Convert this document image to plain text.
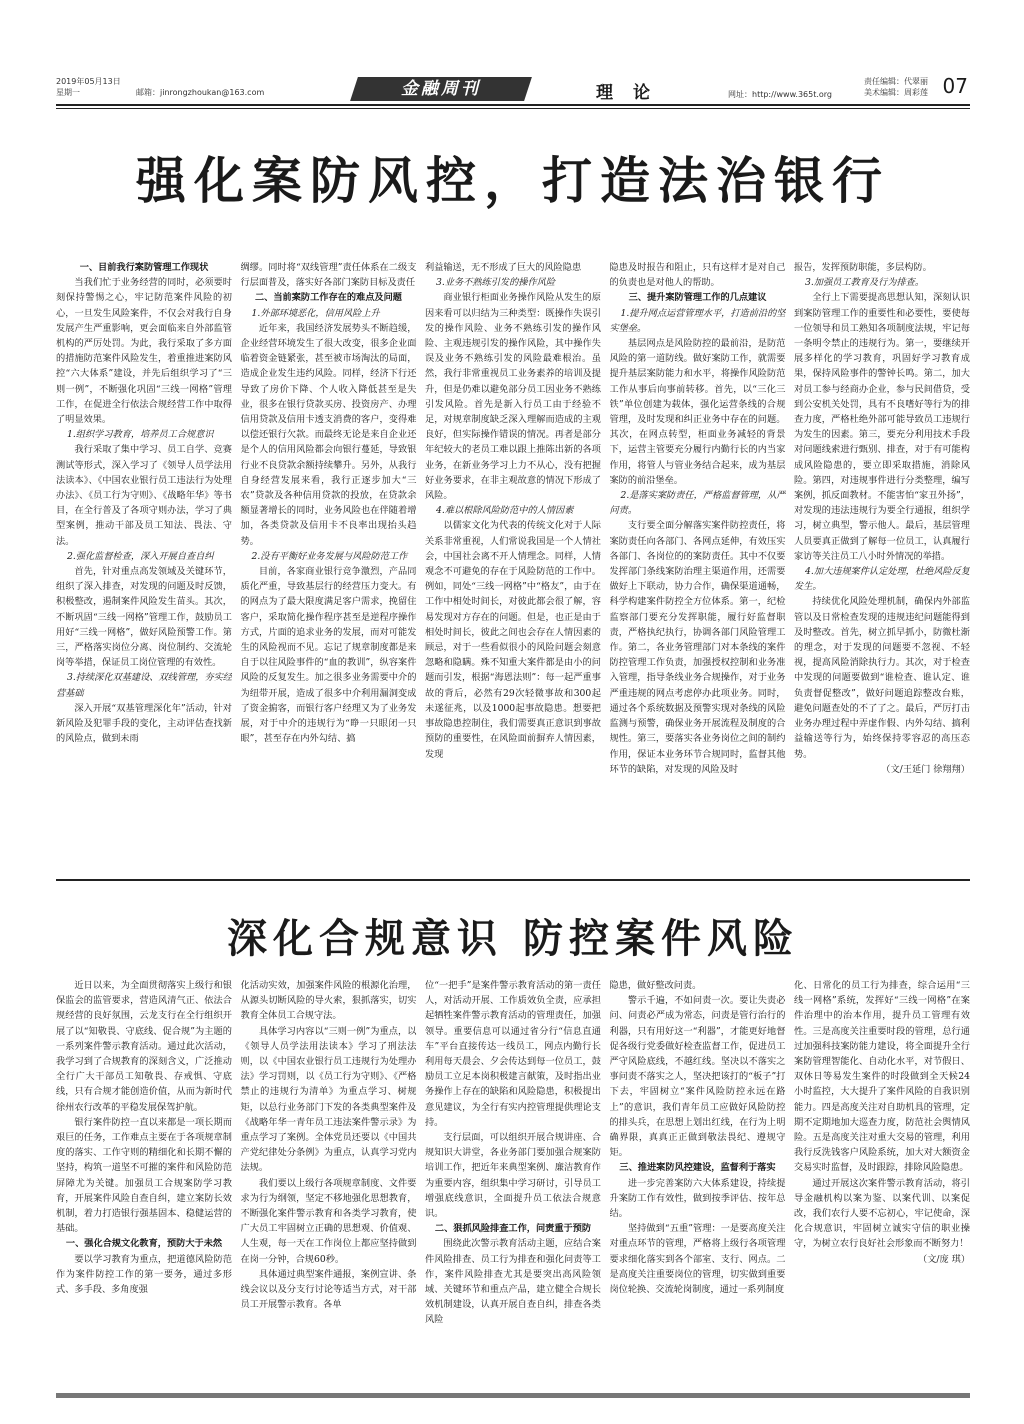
2019年05月13日
星期一	邮箱：jinrongzhoukan@163.com	金融周刊	理论	网址：http://www.365t.org
责任编辑：代翠丽
美术编辑：周彩莲 07
强化案防风控，打造法治银行

一、目前我行案防管理工作现状

当我们忙于业务经营的同时，必须要时刻保持警惕之心，牢记防范案件风险的初心，一旦发生风险案件，不仅会对我行自身发展产生严重影响，更会面临来自外部监管机构的严厉处罚。为此，我行采取了多方面的措施防范案件风险发生，着重推进案防风控“六大体系”建设，并先后组织学习了“三则一例”，不断强化巩固“三线一网格”管理工作，在促进全行依法合规经营工作中取得了明显效果。

1.组织学习教育，培养员工合规意识

我行采取了集中学习、员工自学、竞赛测试等形式，深入学习了《领导人员学法用法读本》、《中国农业银行员工违法行为处理办法》、《员工行为守则》、《战略年华》等书目，在全行普及了各项守则办法，学习了典型案例，推动干部及员工知法、畏法、守法。

2.强化监督检查，深入开展自查自纠

首先，针对重点高发领域及关键环节，组织了深入排查，对发现的问题及时反馈，积极整改，遏制案件风险发生苗头。其次，不断巩固“三线一网格”管理工作，鼓励员工用好“三线一网格”，做好风险预警工作。第三，严格落实岗位分离、岗位制约、交流轮岗等举措，保证员工岗位管理的有效性。

3.持续深化双基建设、双线管理，夯实经营基础

深入开展“双基管理深化年”活动，针对新风险及犯罪手段的变化，主动评估查找新的风险点，做到未雨

绸缪。同时将“双线管理”责任体系在二级支行层面普及，落实好各部门案防目标及责任

二、当前案防工作存在的难点及问题

1.外部环境恶化，信用风险上升

近年来，我国经济发展势头不断趋缓，企业经营环境发生了很大改变，很多企业面临着资金链紧张，甚至被市场淘汰的局面，造成企业发生违约风险。同样，经济下行还导致了房价下降、个人收入降低甚至是失业，很多在银行贷款买房、投资房产、办理信用贷款及信用卡透支消费的客户，变得难以偿还银行欠款。而最终无论是来自企业还是个人的信用风险都会向银行蔓延，导致银行业不良贷款余额持续攀升。另外，从我行自身经营发展来看，我行正逐步加大“三农”贷款及各种信用贷款的投放，在贷款余额显著增长的同时，业务风险也在伴随着增加，各类贷款及信用卡不良率出现抬头趋势。

2.没有平衡好业务发展与风险防范工作

目前，各家商业银行竞争激烈，产品同质化严重，导致基层行的经营压力变大。有的网点为了最大限度满足客户需求，挽留住客户，采取简化操作程序甚至是逆程序操作方式，片面的追求业务的发展，而对可能发生的风险视而不见。忘记了规章制度都是来自于以往风险事件的“血的教训”，纵容案件风险的反复发生。加之很多业务需要中介的为纽带开展，造成了很多中介利用漏洞变成了资金掮客，而银行客户经理又为了业务发展，对于中介的违规行为“睁一只眼闭一只眼”，甚至存在内外勾结、搞

利益输送，无不形成了巨大的风险隐患

3.业务不熟练引发的操作风险

商业银行柜面业务操作风险从发生的原因来看可以归结为三种类型：既操作失误引发的操作风险、业务不熟练引发的操作风险、主观违规引发的操作风险，其中操作失误及业务不熟练引发的风险最难根治。虽然，我行非常重视员工业务素养的培训及提升，但是仍难以避免部分员工因业务不熟练引发风险。首先是新入行员工由于经验不足，对规章制度缺乏深入理解而造成的主观良好，但实际操作错误的情况。再者是部分年纪较大的老员工难以跟上推陈出新的各项业务，在新业务学习上力不从心，没有把握好业务要求，在非主观故意的情况下形成了风险。

4.难以根除风险防范中的人情因素

以儒家文化为代表的传统文化对于人际关系非常重视，人们常说我国是一个人情社会，中国社会离不开人情理念。同样，人情观念不可避免的存在于风险防范的工作中。例如，同处“三线一网格”中“格友”，由于在工作中相处时间长，对彼此都会很了解，容易发现对方存在的问题。但是，也正是由于相处时间长，彼此之间也会存在人情因素的顾忌，对于一些看似很小的风险问题会刻意忽略和隐瞒。殊不知重大案件都是由小的问题而引发，根据“海恩法则”：每一起严重事故的背后，必然有29次轻微事故和300起未遂征兆，以及1000起事故隐患。想要把事故隐患控制住，我们需要真正意识到事故预防的重要性，在风险面前摒弃人情因素，发现

隐患及时报告和阻止，只有这样才是对自己的负责也是对他人的帮助。

三、提升案防管理工作的几点建议

1.提升网点运营管理水平，打造前沿的坚实堡垒。

基层网点是风险防控的最前沿，是防范风险的第一道防线。做好案防工作，就需要提升基层案防能力和水平，将操作风险防范工作从事后向事前转移。首先，以“三化三铁”单位创建为载体，强化运营条线的合规管理，及时发现和纠正业务中存在的问题。其次，在网点转型，柜面业务减轻的背景下，运营主管要充分履行内勤行长的内当家作用，将管人与管业务结合起来，成为基层案防的前沿堡垒。

2.是落实案防责任，严格监督管理，从严问责。

支行要全面分解落实案件防控责任，将案防责任向各部门、各网点延伸，有效压实各部门、各岗位的的案防责任。其中不仅要发挥部门条线案防治理主渠道作用，还需要做好上下联动，协力合作，确保渠道通畅，科学构建案件防控全方位体系。第一，纪检监察部门要充分发挥职能，履行好监督职责，严格执纪执行，协调各部门风险管理工作。第二，各业务管理部门对本条线的案件防控管理工作负责，加强授权控制和业务准入管理，指导条线业务合规操作，对于业务严重违规的网点考虑停办此项业务。同时，通过各个系统数据及预警实现对条线的风险监测与预警，确保业务开展流程及制度的合规性。第三，要落实各业务岗位之间的制约作用，保证本业务环节合规同时，监督其他环节的缺陷，对发现的风险及时

报告，发挥预防职能，多层构防。

3.加强员工教育及行为排查。

全行上下需要提高思想认知，深刻认识到案防管理工作的重要性和必要性，要使每一位领导和员工熟知各项制度法规，牢记每一条明令禁止的违规行为。第一，要继续开展多样化的学习教育，巩固好学习教育成果，保持风险事件的警钟长鸣。第二，加大对员工参与经商办企业，参与民间借贷，受到公安机关处罚，具有不良嗜好等行为的排查力度，严格杜绝外部可能导致员工违规行为发生的因素。第三，要充分利用技术手段对问题线索进行甄别、排查，对于有可能构成风险隐患的，要立即采取措施，消除风险。第四，对违规事件进行分类整理，编写案例，抓反面教材。不能害怕“家丑外扬”，对发现的违法违规行为要全行通报，组织学习，树立典型，警示他人。最后，基层管理人员要真正做到了解每一位员工，认真履行家访等关注员工八小时外情况的举措。

4.加大违规案件认定处理，杜绝风险反复发生。

持续优化风险处理机制，确保内外部监管以及日常检查发现的违规违纪问题能得到及时整改。首先，树立抓早抓小，防微杜渐的理念，对于发现的问题要不忽视、不轻视，提高风险消除执行力。其次，对于检查中发现的问题要做到“谁检查、谁认定、谁负责督促整改”，做好问题追踪整改台账，避免问题查处的不了了之。最后，严厉打击业务办理过程中弄虚作假、内外勾结、搞利益输送等行为，始终保持零容忍的高压态势。

（文/王延门 徐翔翔）

深化合规意识 防控案件风险

近日以来，为全面贯彻落实上级行和银保监会的监管要求，营造风清气正、依法合规经营的良好氛围，云龙支行在全行组织开展了以“知敬畏、守底线、促合规”为主题的一系列案件警示教育活动。通过此次活动，我学习到了合规教育的深刻含义，广泛推动全行广大干部员工知敬畏、存戒惧、守底线，只有合规才能创造价值，从而为新时代徐州农行改革的平稳发展保驾护航。

银行案件防控一直以来都是一项长期而艰巨的任务，工作难点主要在于各项规章制度的落实、工作守则的精细化和长期不懈的坚持，构筑一道坚不可摧的案件和风险防范屏障尤为关键。加强员工合规案防学习教育，开展案件风险自查自纠，建立案防长效机制，着力打造银行强基固本、稳健运营的基础。

一、强化合规文化教育，预防大于未然

要以学习教育为重点，把道德风险防范作为案件防控工作的第一要务，通过多形式、多手段、多角度强

化活动实效，加强案件风险的根源化治理，从源头切断风险的导火索，狠抓落实，切实教育全体员工合规守法。

具体学习内容以“三则一例”为重点，以《领导人员学法用法读本》学习了刑法法则，以《中国农业银行员工违规行为处理办法》学习罚则，以《员工行为守则》、《严格禁止的违规行为清单》为重点学习、树规矩，以总行业务部门下发的各类典型案件及《战略年华一青年员工违法案件警示录》为重点学习了案例。全体党员还要以《中国共产党纪律处分条例》为重点，认真学习党内法规。

我们要以上级行各项规章制度、文件要求为行为纲领，坚定不移地强化思想教育，不断强化案件警示教育和各类学习教育，使广大员工牢固树立正确的思想观、价值观、人生观，每一天在工作岗位上都应坚持做到在岗一分钟，合规60秒。

具体通过典型案件通报，案例宣讲、条线会议以及分支行讨论等适当方式，对干部员工开展警示教育。各单

位“一把手”是案件警示教育活动的第一责任人，对活动开展、工作质效负全责，应承担起牺牲案件警示教育活动的管理责任，加强领导。重要信息可以通过省分行“信息直通车”平台直接传达一线员工，网点内勤行长利用每天晨会、夕会传达到每一位员工，鼓励员工立足本岗积极建言献策，及时指出业务操作上存在的缺陷和风险隐患，积极提出意见建议，为全行有实内控管理提供理论支持。

支行层面，可以组织开展合规讲座、合规知识大讲堂，各业务部门要加强合规案防培训工作，把近年来典型案例、廉洁教育作为重要内容，组织集中学习研讨，引导员工增强底线意识，全面提升员工依法合规意识。

二、狠抓风险排查工作，问责重于预防

围绕此次警示教育活动主题，应结合案件风险排查、员工行为排查和强化问责等工作，案件风险排查尤其是要突出高风险领域、关键环节和重点产品，建立健全合规长效机制建设，认真开展自查自纠，排查各类风险

隐患，做好整改问责。

警示千遍，不如问责一次。要让失责必问、问责必严成为常态，问责是管行治行的利器，只有用好这一“利器”，才能更好地督促各级行党委做好检查监督工作，促进员工严守风险底线，不越红线。坚决以不落实之事问责不落实之人，坚决把该打的“板子”打下去，牢固树立“案件风险防控永远在路上”的意识，我们青年员工应做好风险防控的排头兵，在思想上划出红线，在行为上明确界限，真真正正做到敬法畏纪、遵规守矩。

三、推进案防风控建设，监督利于落实

进一步完善案防六大体系建设，持续提升案防工作有效性，做到按季评估、按年总结。

坚持做到“五重”管理：一是要高度关注对重点环节的管理，严格将上级行各项管理要求细化落实到各个部室、支行、网点。二是高度关注重要岗位的管理，切实做到重要岗位轮换、交流轮岗制度，通过一系列制度

化、日常化的员工行为排查，综合运用“三线一网格”系统，发挥好“三线一网格”在案件治理中的治本作用，提升员工管理有效性。三是高度关注重要时段的管理，总行通过加强科技案防能力建设，将全面提升全行案防管理智能化、自动化水平，对节假日、双休日等易发生案件的时段做到全天候24小时监控，大大提升了案件风险的自我识别能力。四是高度关注对自助机具的管理，定期不定期地加大巡查力度，防范社会舆情风险。五是高度关注对重大交易的管理，利用我行反洗钱客户风险系统，加大对大额资金交易实时监督，及时跟踪，排除风险隐患。

通过开展这次案件警示教育活动，将引导金融机构以案为鉴、以案代训、以案促改，我们农行人要不忘初心，牢记使命，深化合规意识，牢固树立诚实守信的职业操守，为树立农行良好社会形象而不断努力！

（文/庞 琪）
